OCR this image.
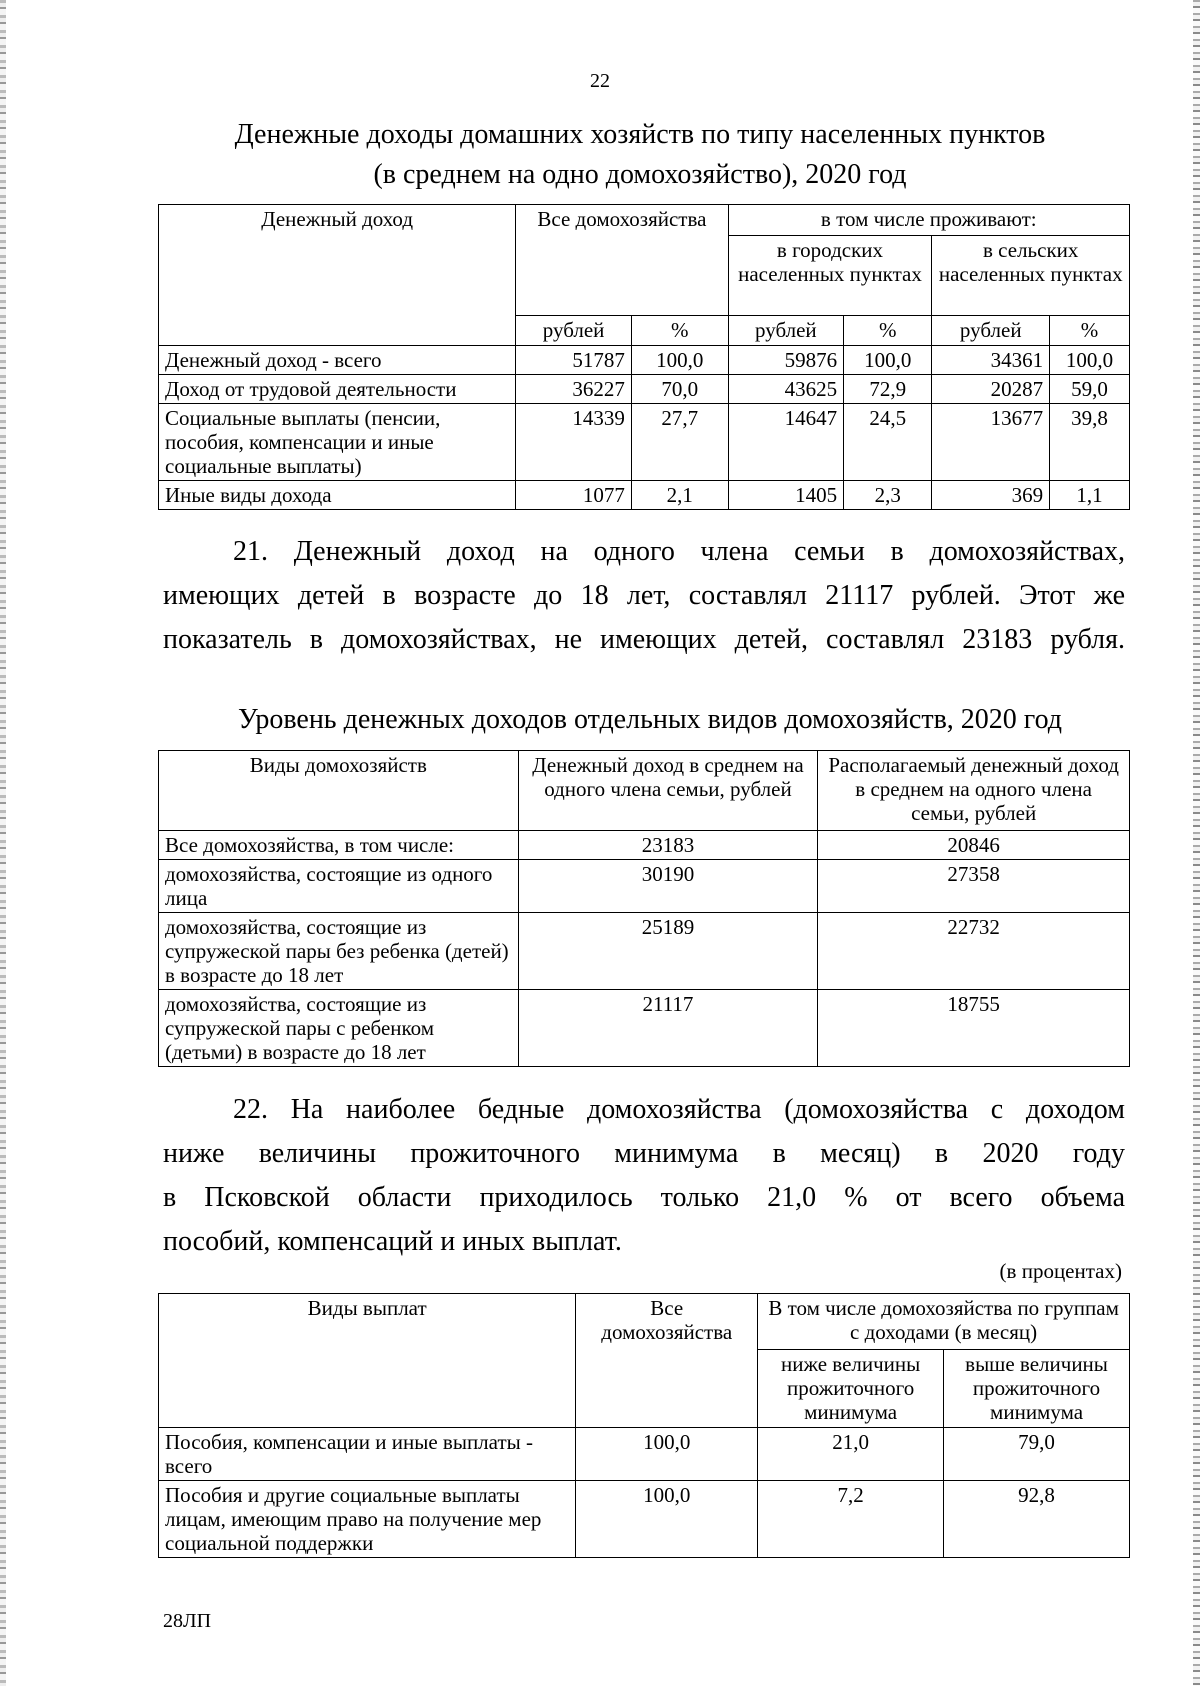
22
Денежные доходы домашних хозяйств по типу населенных пунктов
(в среднем на одно домохозяйство), 2020 год
Денежный доход	Все домохозяйства		в том числе проживают:			
			в городских населенных пунктах		в сельских населенных пунктах	
	рублей	%	рублей	%	рублей	%
Денежный доход - всего	51787	100,0	59876	100,0	34361	100,0
Доход от трудовой деятельности	36227	70,0	43625	72,9	20287	59,0
Социальные выплаты (пенсии, пособия, компенсации и иные социальные выплаты)	14339	27,7	14647	24,5	13677	39,8
Иные виды дохода	1077	2,1	1405	2,3	369	1,1
21. Денежный доход на одного члена семьи в домохозяйствах,
имеющих детей в возрасте до 18 лет, составлял 21117 рублей. Этот же
показатель в домохозяйствах, не имеющих детей, составлял 23183 рубля.
Уровень денежных доходов отдельных видов домохозяйств, 2020 год
Виды домохозяйств	Денежный доход в среднем на одного члена семьи, рублей	Располагаемый денежный доход в среднем на одного члена семьи, рублей
Все домохозяйства, в том числе:	23183	20846
домохозяйства, состоящие из одного лица	30190	27358
домохозяйства, состоящие из супружеской пары без ребенка (детей) в возрасте до 18 лет	25189	22732
домохозяйства, состоящие из супружеской пары с ребенком (детьми) в возрасте до 18 лет	21117	18755
22. На наиболее бедные домохозяйства (домохозяйства с доходом
ниже величины прожиточного минимума в месяц) в 2020 году
в Псковской области приходилось только 21,0 % от всего объема
пособий, компенсаций и иных выплат.
(в процентах)
Виды выплат	Все домохозяйства	В том числе домохозяйства по группам с доходами (в месяц)	
		ниже величины прожиточного минимума	выше величины прожиточного минимума
Пособия, компенсации и иные выплаты - всего	100,0	21,0	79,0
Пособия и другие социальные выплаты лицам, имеющим право на получение мер социальной поддержки	100,0	7,2	92,8
28ЛП
